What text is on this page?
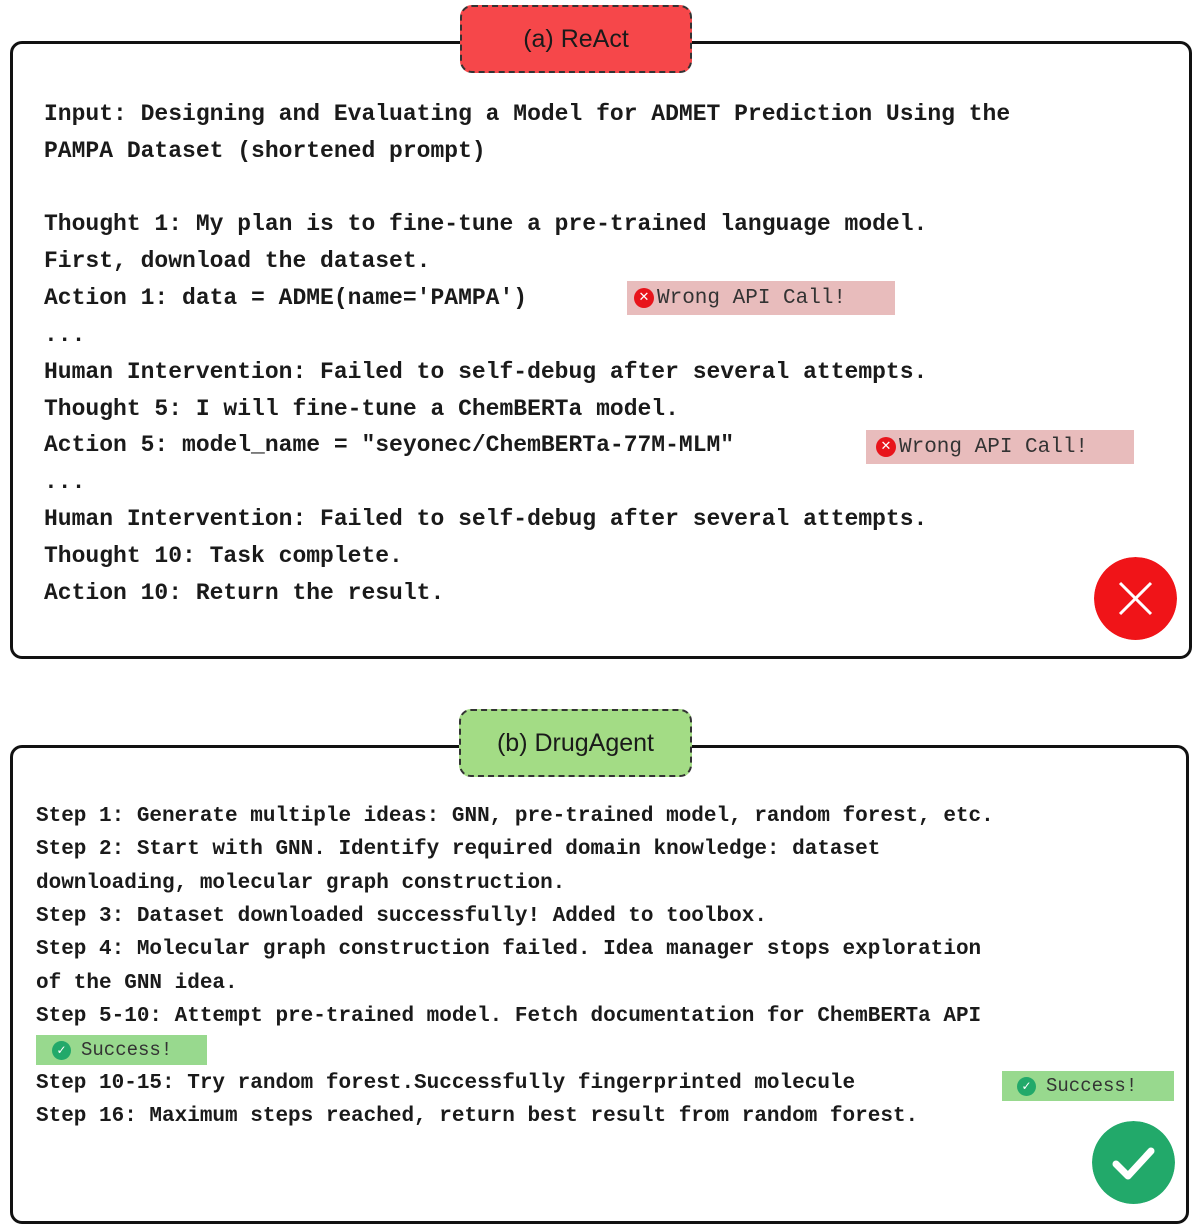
(a) ReAct
Input: Designing and Evaluating a Model for ADMET Prediction Using the
PAMPA Dataset (shortened prompt)
Thought 1: My plan is to fine-tune a pre-trained language model.
First, download the dataset.
Action 1: data = ADME(name='PAMPA')
...
Human Intervention: Failed to self-debug after several attempts.
Thought 5: I will fine-tune a ChemBERTa model.
Action 5: model_name = "seyonec/ChemBERTa-77M-MLM"
...
Human Intervention: Failed to self-debug after several attempts.
Thought 10: Task complete.
Action 10: Return the result.
✕ Wrong API Call!
✕ Wrong API Call!
(b) DrugAgent
Step 1: Generate multiple ideas: GNN, pre-trained model, random forest, etc.
Step 2: Start with GNN. Identify required domain knowledge: dataset
downloading, molecular graph construction.
Step 3: Dataset downloaded successfully! Added to toolbox.
Step 4: Molecular graph construction failed. Idea manager stops exploration
of the GNN idea.
Step 5-10: Attempt pre-trained model. Fetch documentation for ChemBERTa API
Step 10-15: Try random forest.Successfully fingerprinted molecule
Step 16: Maximum steps reached, return best result from random forest.
✓ Success!
✓ Success!
